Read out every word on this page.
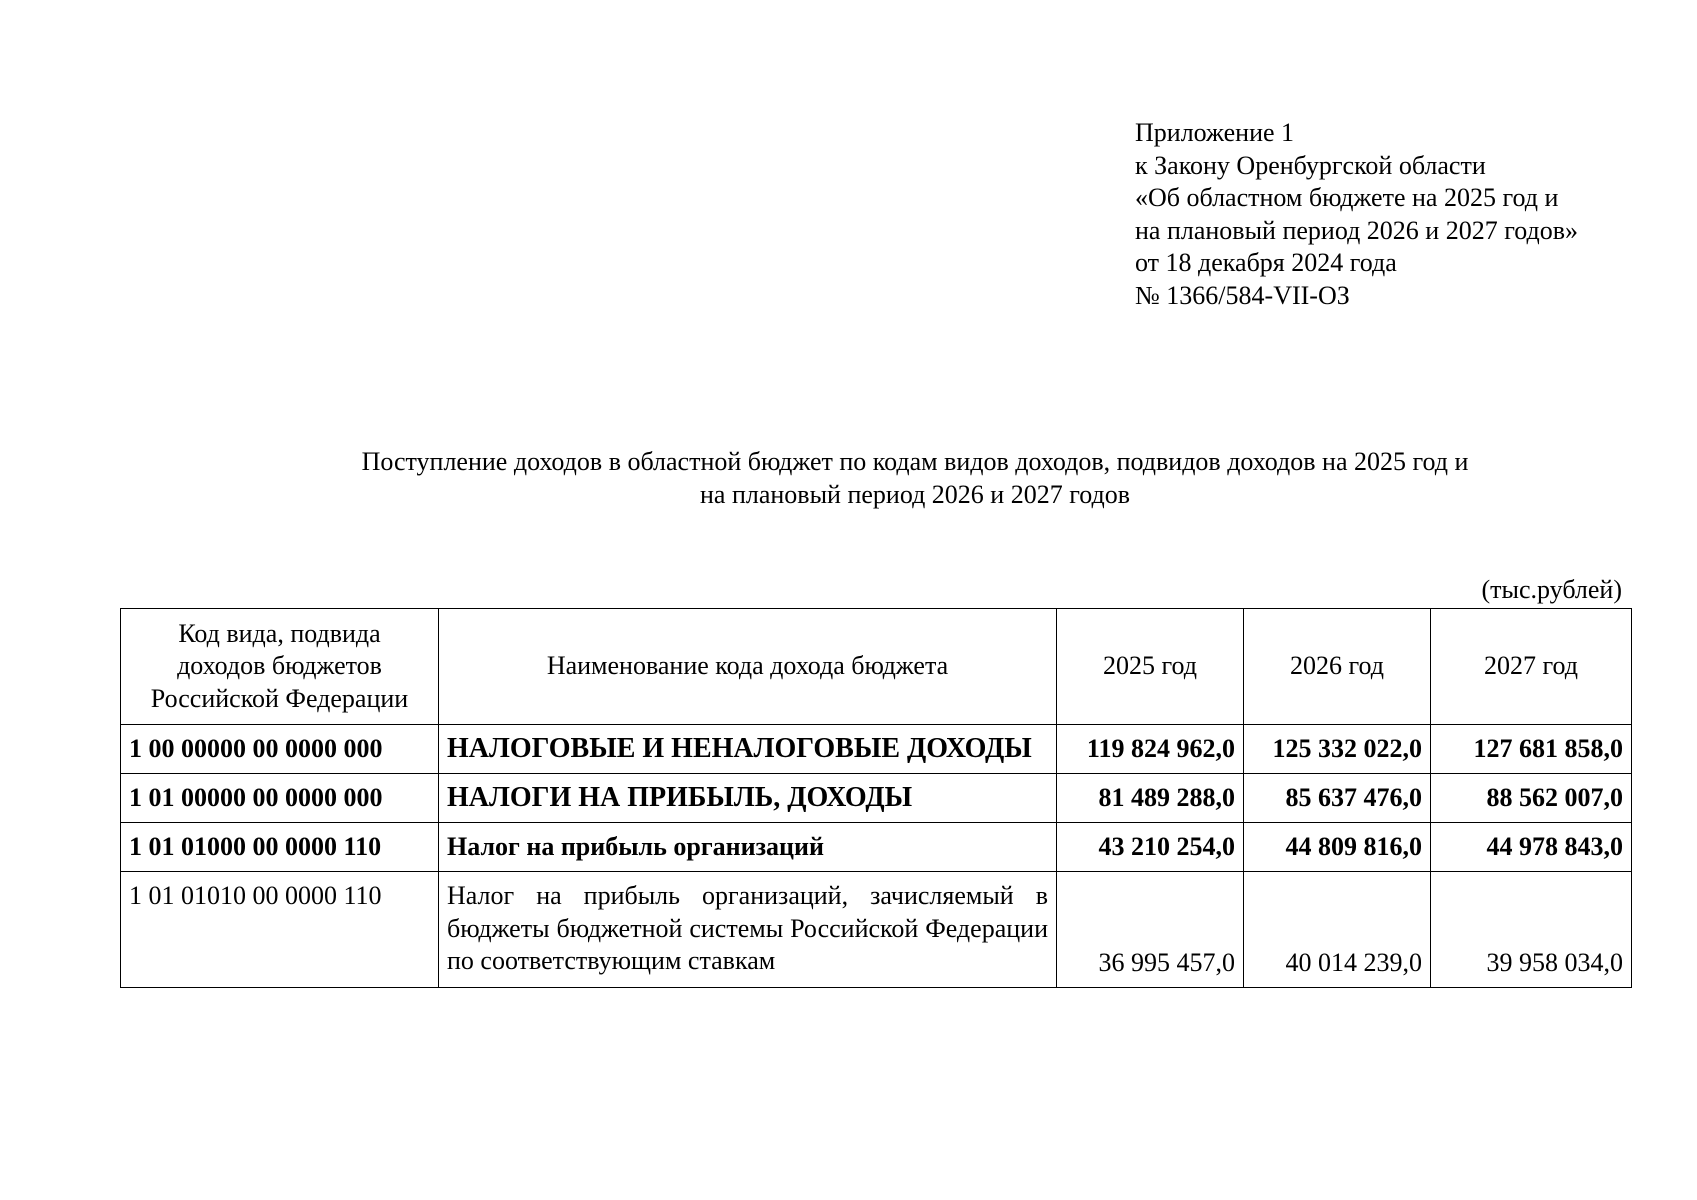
Приложение 1
к Закону Оренбургской области
«Об областном бюджете на 2025 год и
на плановый период 2026 и 2027 годов»
от 18 декабря 2024 года
№ 1366/584-VII-ОЗ
Поступление доходов в областной бюджет по кодам видов доходов, подвидов доходов на 2025 год и
на плановый период 2026 и 2027 годов
(тыс.рублей)
Код вида, подвида
доходов бюджетов
Российской Федерации	Наименование кода дохода бюджета	2025 год	2026 год	2027 год
1 00 00000 00 0000 000	НАЛОГОВЫЕ И НЕНАЛОГОВЫЕ ДОХОДЫ	119 824 962,0	125 332 022,0	127 681 858,0
1 01 00000 00 0000 000	НАЛОГИ НА ПРИБЫЛЬ, ДОХОДЫ	81 489 288,0	85 637 476,0	88 562 007,0
1 01 01000 00 0000 110	Налог на прибыль организаций	43 210 254,0	44 809 816,0	44 978 843,0
1 01 01010 00 0000 110	Налог на прибыль организаций, зачисляемый в бюджеты бюджетной системы Российской Федерации по соответствующим ставкам	36 995 457,0	40 014 239,0	39 958 034,0
